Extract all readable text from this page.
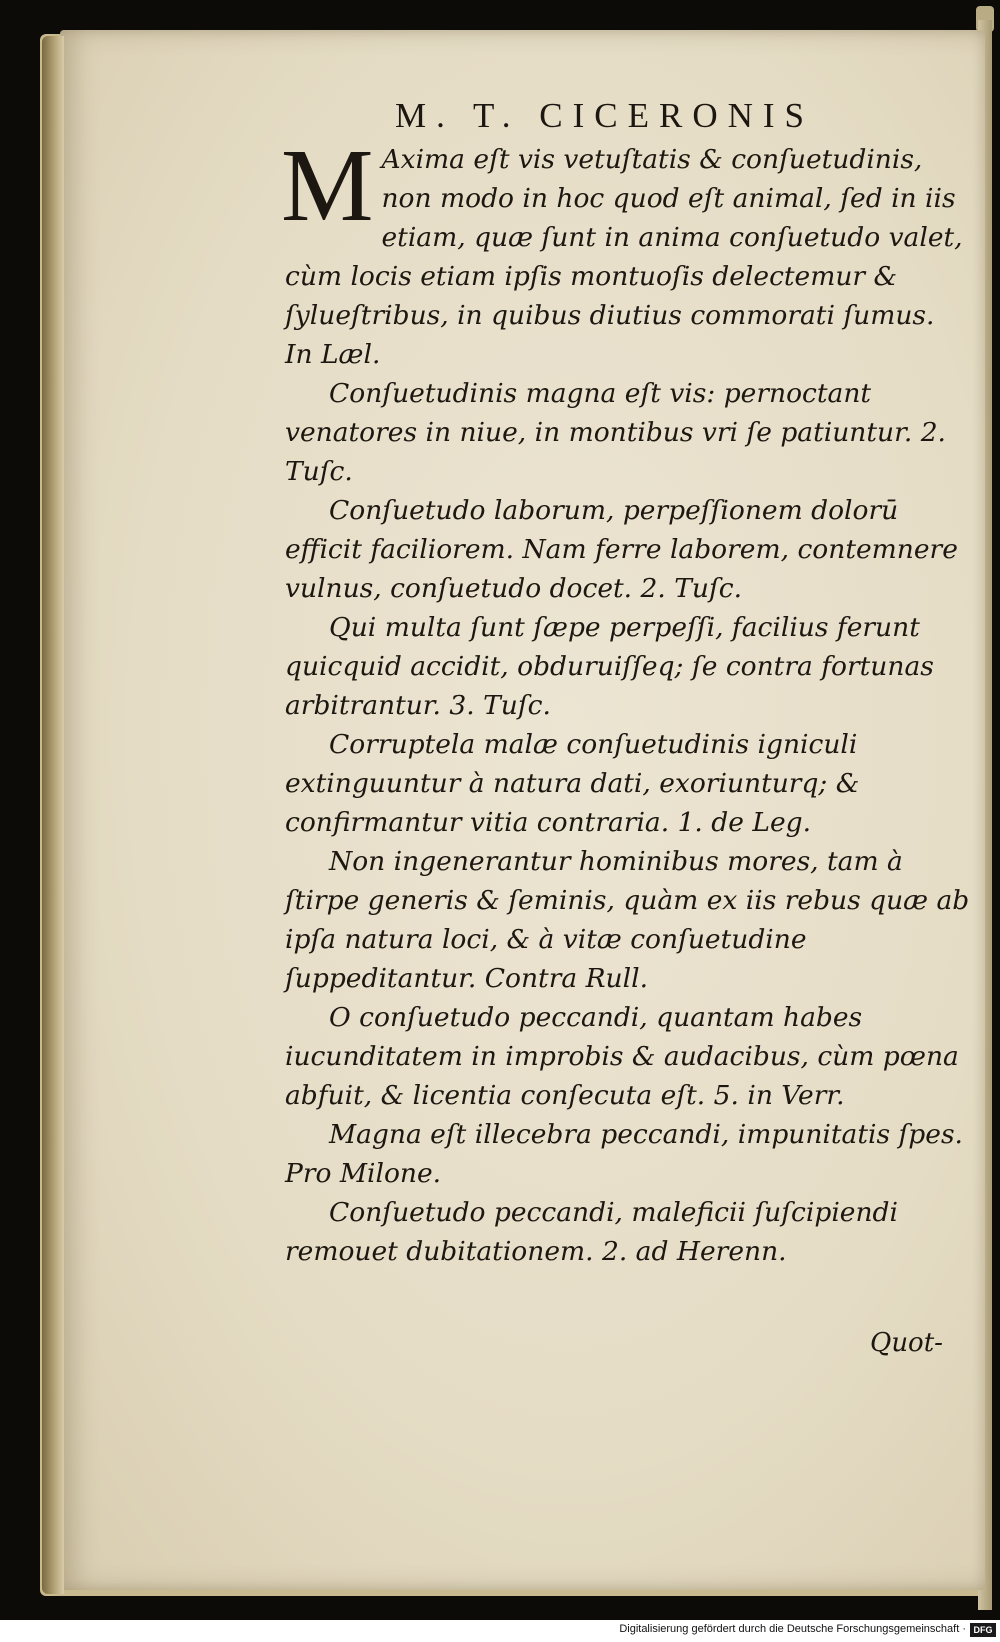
M. T. CICERONIS
M Axima eſt vis vetuſtatis & conſuetudinis, non modo in hoc quod eſt animal, ſed in iis etiam, quæ ſunt in anima conſuetudo valet, cùm locis etiam ipſis montuoſis delectemur & ſylueſtribus, in quibus diutius commorati ſumus. In Læl.

Conſuetudinis magna eſt vis: pernoctant venatores in niue, in montibus vri ſe patiuntur. 2. Tuſc.

Conſuetudo laborum, perpeſſionem dolorū efficit faciliorem. Nam ferre laborem, contemnere vulnus, conſuetudo docet. 2. Tuſc.

Qui multa ſunt ſæpe perpeſſi, facilius ferunt quicquid accidit, obduruiſſeq; ſe contra fortunas arbitrantur. 3. Tuſc.

Corruptela malæ conſuetudinis igniculi extinguuntur à natura dati, exoriunturq; & confirmantur vitia contraria. 1. de Leg.

Non ingenerantur hominibus mores, tam à ſtirpe generis & ſeminis, quàm ex iis rebus quæ ab ipſa natura loci, & à vitæ conſuetudine ſuppeditantur. Contra Rull.

O conſuetudo peccandi, quantam habes iucunditatem in improbis & audacibus, cùm pœna abfuit, & licentia conſecuta eſt. 5. in Verr.

Magna eſt illecebra peccandi, impunitatis ſpes. Pro Milone.

Conſuetudo peccandi, maleficii ſuſcipiendi remouet dubitationem. 2. ad Herenn.

Quot-
Digitalisierung gefördert durch die Deutsche Forschungsgemeinschaft · DFG
